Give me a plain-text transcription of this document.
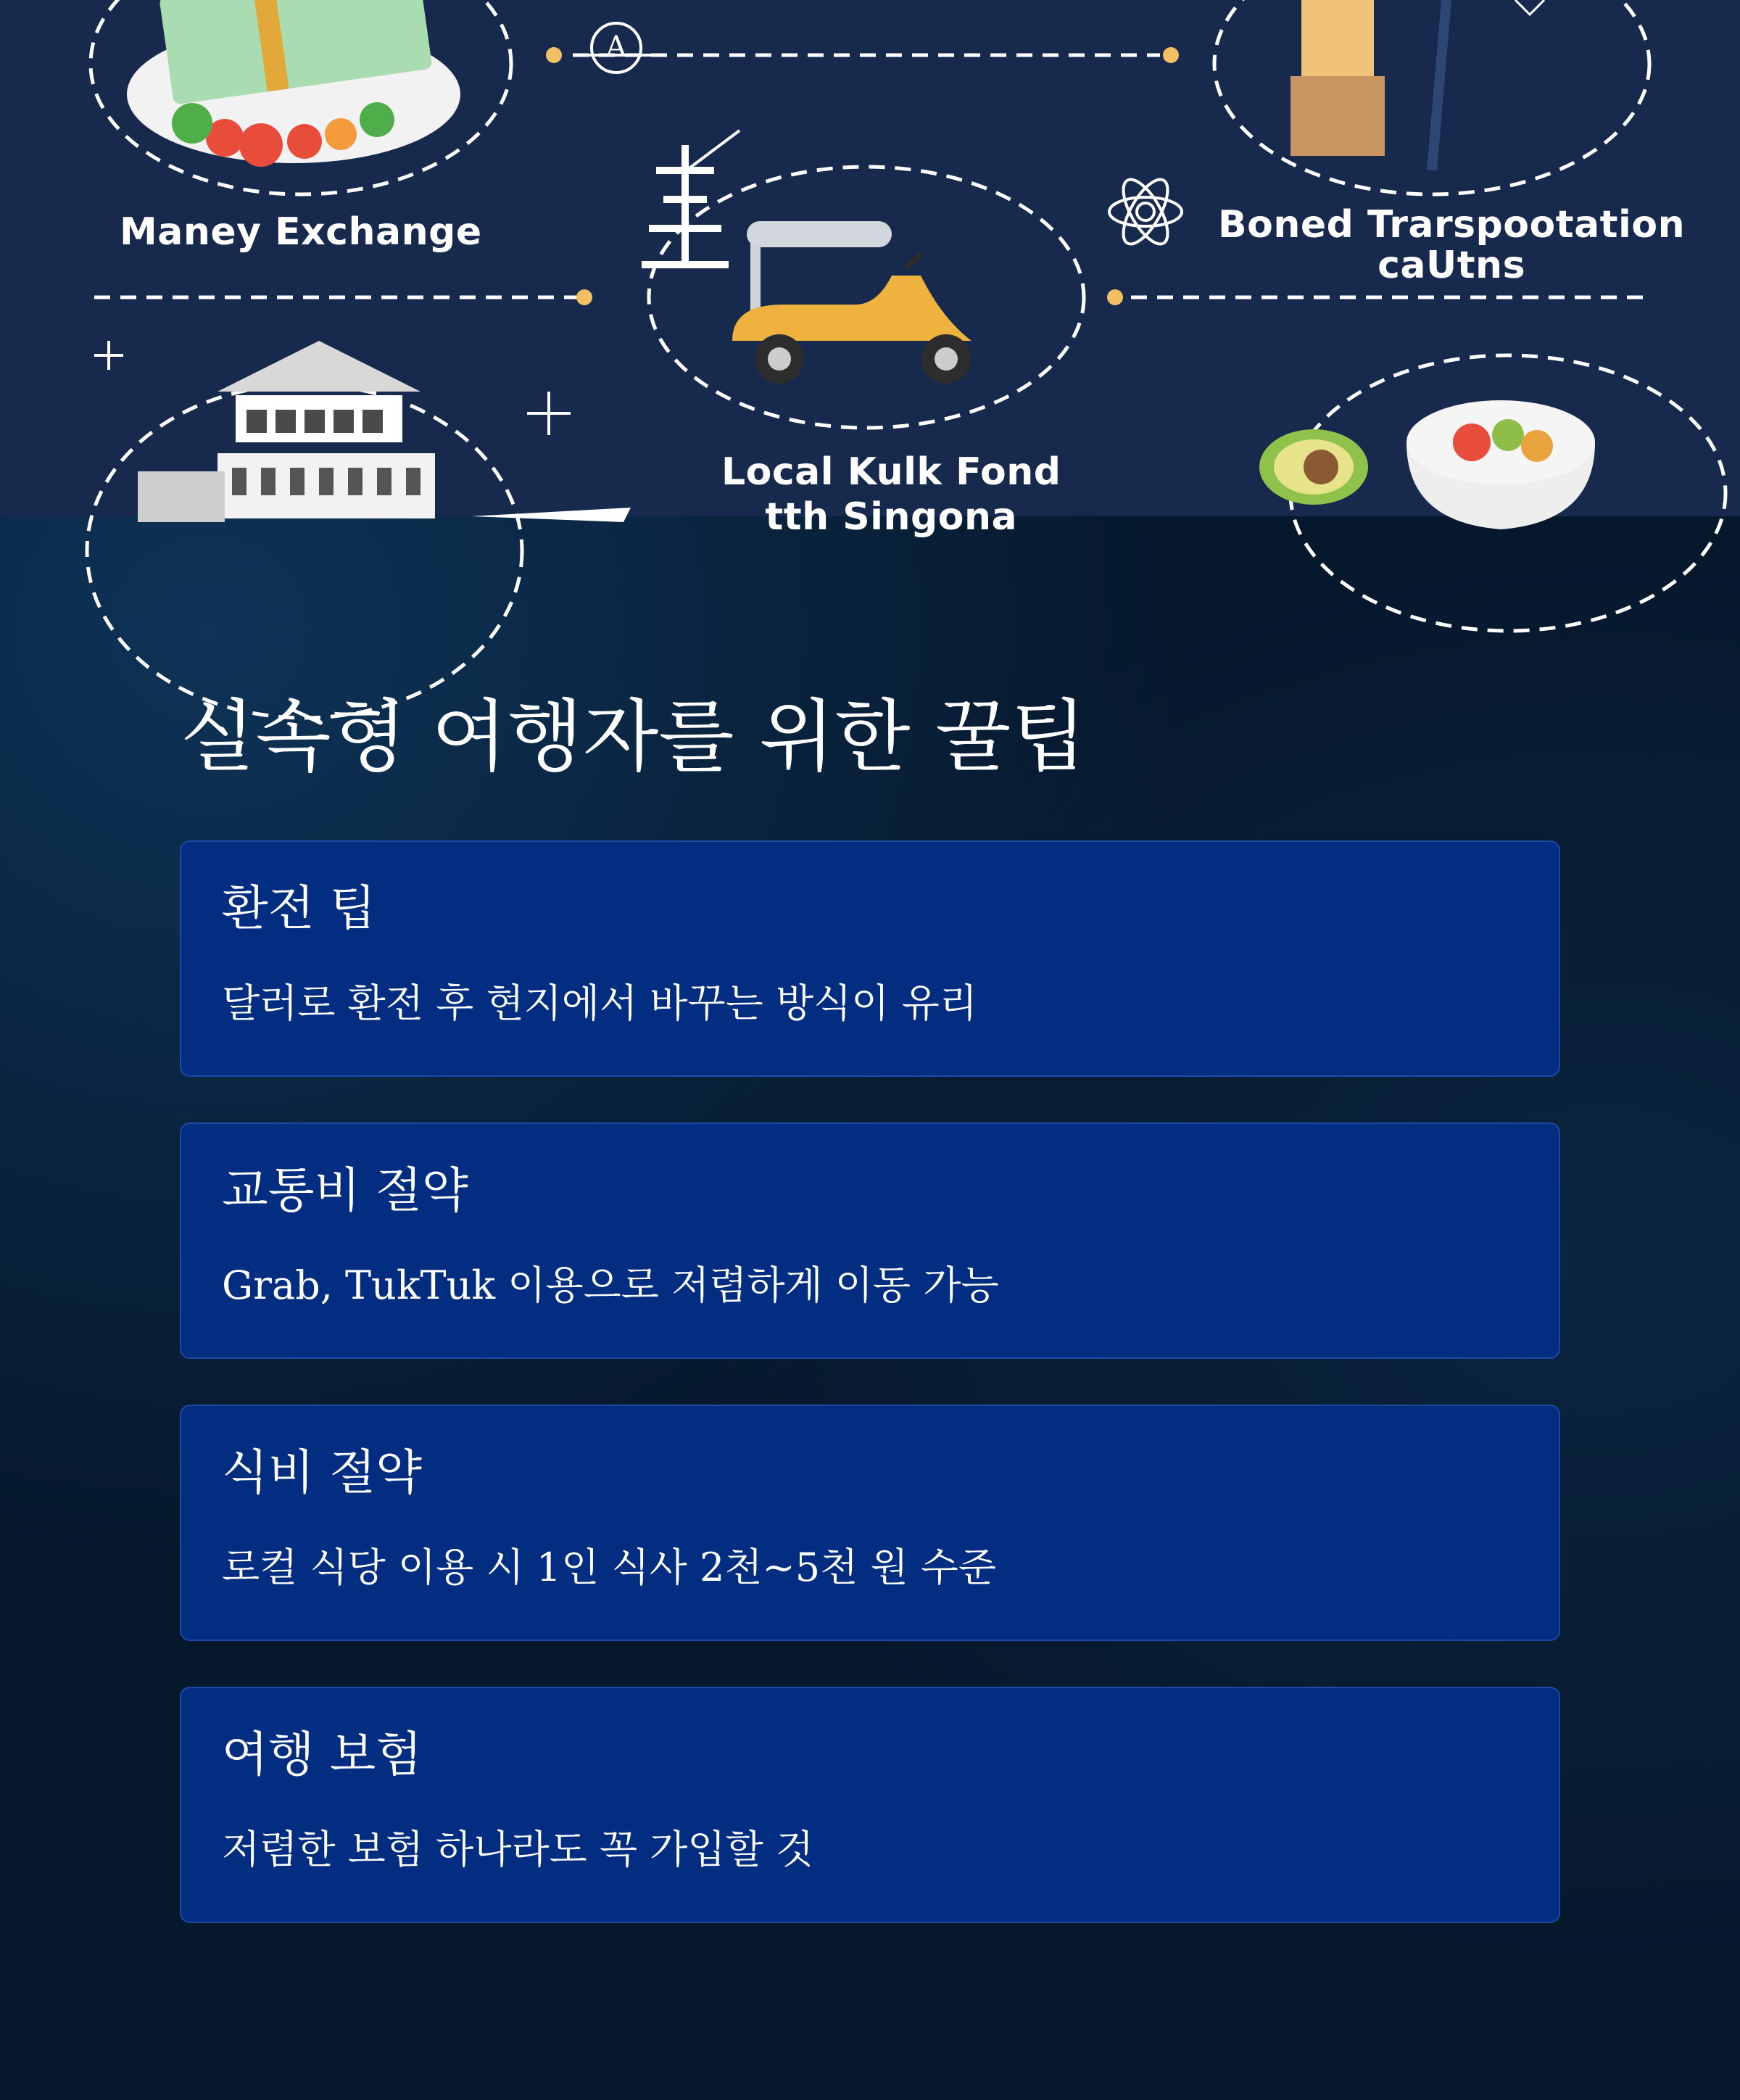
A
Maney Exchange	Boned Trarspootation
caUtns
Local Kulk Fond
tth Singona
실속형 여행자를 위한 꿀팁
환전 팁

달러로 환전 후 현지에서 바꾸는 방식이 유리

교통비 절약

Grab, TukTuk 이용으로 저렴하게 이동 가능

식비 절약

로컬 식당 이용 시 1인 식사 2천~5천 원 수준

여행 보험

저렴한 보험 하나라도 꼭 가입할 것
